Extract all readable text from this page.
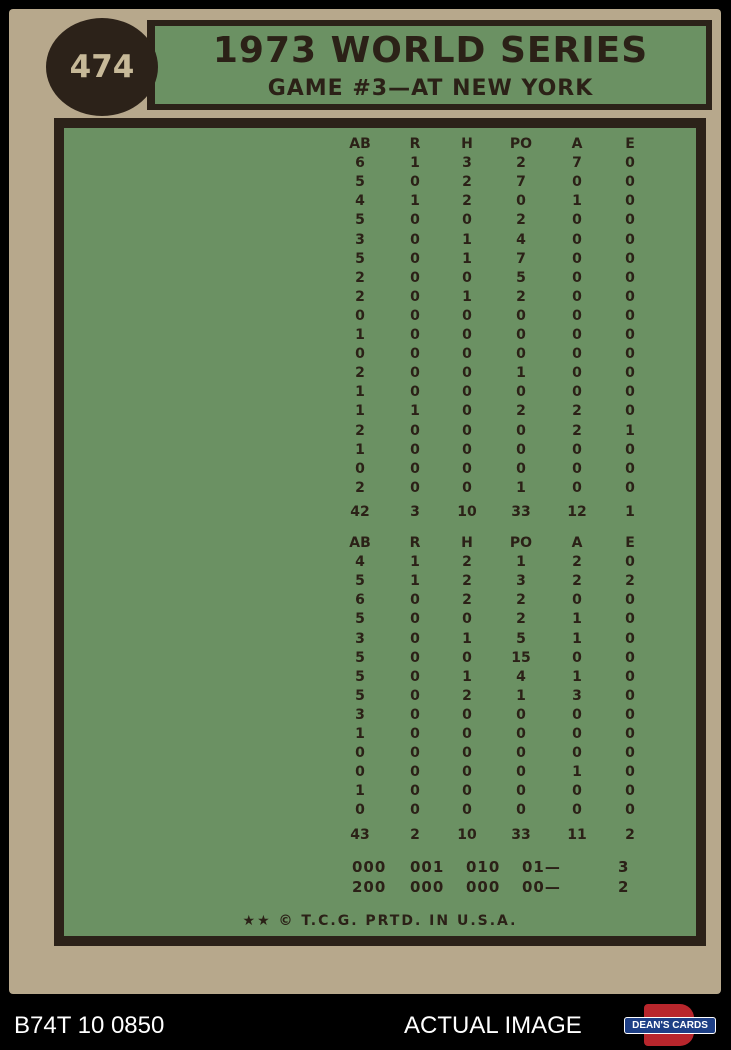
1973 WORLD SERIES
GAME #3—AT NEW YORK
474
AB	R	H	PO	A	E
6	1	3	2	7	0
5	0	2	7	0	0
4	1	2	0	1	0
5	0	0	2	0	0
3	0	1	4	0	0
5	0	1	7	0	0
2	0	0	5	0	0
2	0	1	2	0	0
0	0	0	0	0	0
1	0	0	0	0	0
0	0	0	0	0	0
2	0	0	1	0	0
1	0	0	0	0	0
1	1	0	2	2	0
2	0	0	0	2	1
1	0	0	0	0	0
0	0	0	0	0	0
2	0	0	1	0	0
42	3	10	33	12	1
AB	R	H	PO	A	E
4	1	2	1	2	0
5	1	2	3	2	2
6	0	2	2	0	0
5	0	0	2	1	0
3	0	1	5	1	0
5	0	0	15	0	0
5	0	1	4	1	0
5	0	2	1	3	0
3	0	0	0	0	0
1	0	0	0	0	0
0	0	0	0	0	0
0	0	0	0	1	0
1	0	0	0	0	0
0	0	0	0	0	0
43	2	10	33	11	2
000 001 010 01—	3
200 000 000 00—	2
★★ © T.C.G. PRTD. IN U.S.A.
B74T 10 0850	ACTUAL IMAGE	DEAN'S CARDS
